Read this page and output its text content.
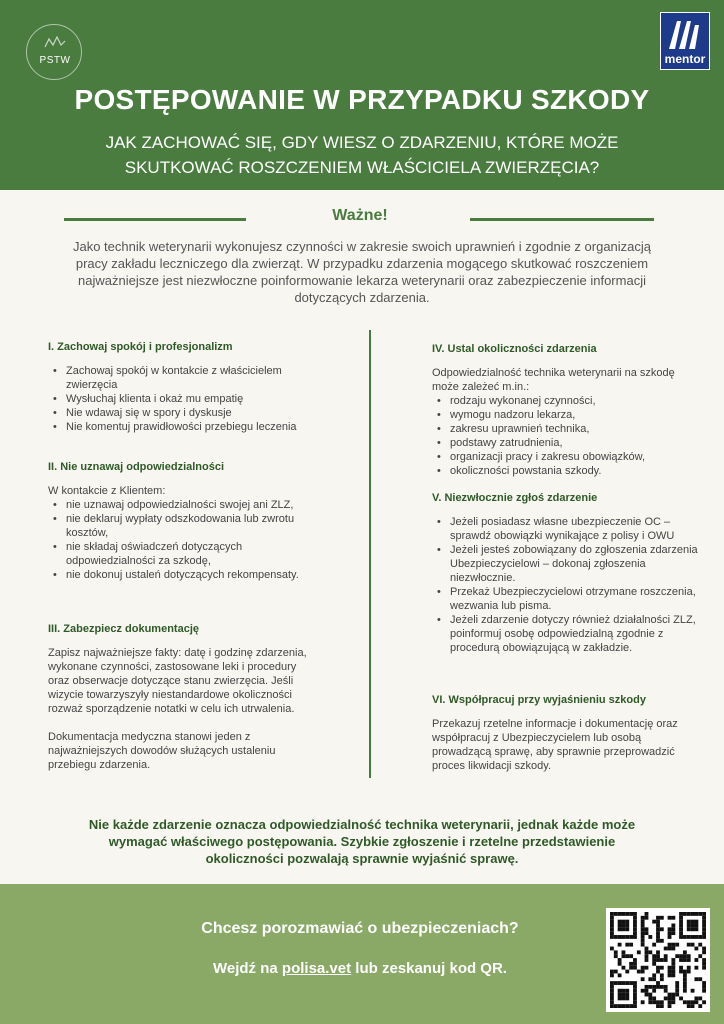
PSTW	mentor
POSTĘPOWANIE W PRZYPADKU SZKODY
JAK ZACHOWAĆ SIĘ, GDY WIESZ O ZDARZENIU, KTÓRE MOŻE SKUTKOWAĆ ROSZCZENIEM WŁAŚCICIELA ZWIERZĘCIA?
Ważne!

Jako technik weterynarii wykonujesz czynności w zakresie swoich uprawnień i zgodnie z organizacją pracy zakładu leczniczego dla zwierząt. W przypadku zdarzenia mogącego skutkować roszczeniem najważniejsze jest niezwłoczne poinformowanie lekarza weterynarii oraz zabezpieczenie informacji dotyczących zdarzenia.

I. Zachowaj spokój i profesjonalizm
• Zachowaj spokój w kontakcie z właścicielem zwierzęcia
• Wysłuchaj klienta i okaż mu empatię
• Nie wdawaj się w spory i dyskusje
• Nie komentuj prawidłowości przebiegu leczenia
II. Nie uznawaj odpowiedzialności

W kontakcie z Klientem:

• nie uznawaj odpowiedzialności swojej ani ZLZ,
• nie deklaruj wypłaty odszkodowania lub zwrotu kosztów,
• nie składaj oświadczeń dotyczących odpowiedzialności za szkodę,
• nie dokonuj ustaleń dotyczących rekompensaty.
III. Zabezpiecz dokumentację

Zapisz najważniejsze fakty: datę i godzinę zdarzenia, wykonane czynności, zastosowane leki i procedury oraz obserwacje dotyczące stanu zwierzęcia. Jeśli wizycie towarzyszyły niestandardowe okoliczności rozważ sporządzenie notatki w celu ich utrwalenia.

Dokumentacja medyczna stanowi jeden z najważniejszych dowodów służących ustaleniu przebiegu zdarzenia.

IV. Ustal okoliczności zdarzenia

Odpowiedzialność technika weterynarii na szkodę może zależeć m.in.:

• rodzaju wykonanej czynności,
• wymogu nadzoru lekarza,
• zakresu uprawnień technika,
• podstawy zatrudnienia,
• organizacji pracy i zakresu obowiązków,
• okoliczności powstania szkody.
V. Niezwłocznie zgłoś zdarzenie
• Jeżeli posiadasz własne ubezpieczenie OC – sprawdź obowiązki wynikające z polisy i OWU
• Jeżeli jesteś zobowiązany do zgłoszenia zdarzenia Ubezpieczycielowi – dokonaj zgłoszenia niezwłocznie.
• Przekaż Ubezpieczycielowi otrzymane roszczenia, wezwania lub pisma.
• Jeżeli zdarzenie dotyczy również działalności ZLZ, poinformuj osobę odpowiedzialną zgodnie z procedurą obowiązującą w zakładzie.
VI. Współpracuj przy wyjaśnieniu szkody

Przekazuj rzetelne informacje i dokumentację oraz współpracuj z Ubezpieczycielem lub osobą prowadzącą sprawę, aby sprawnie przeprowadzić proces likwidacji szkody.

Nie każde zdarzenie oznacza odpowiedzialność technika weterynarii, jednak każde może wymagać właściwego postępowania. Szybkie zgłoszenie i rzetelne przedstawienie okoliczności pozwalają sprawnie wyjaśnić sprawę.

Chcesz porozmawiać o ubezpieczeniach?
Wejdź na polisa.vet lub zeskanuj kod QR.
